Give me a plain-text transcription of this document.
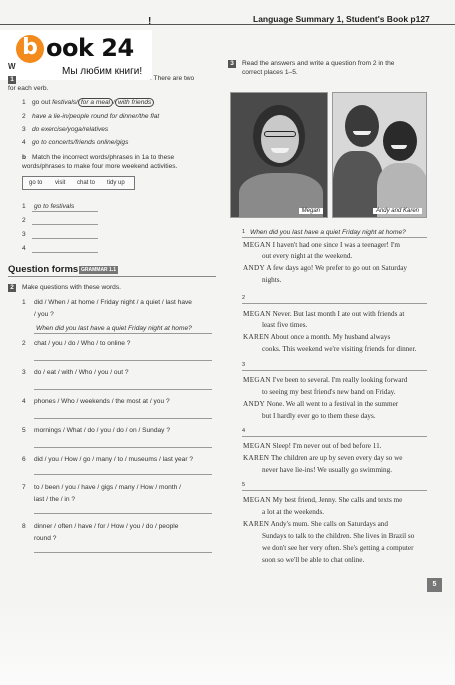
!	Language Summary 1, Student's Book p127
b ook 24
Мы любим книги!
W
1	. There are two
for each verb.
1 go out festivals/ for a meal / with friends
2 have a lie-in/people round for dinner/the flat
3 do exercise/yoga/relatives
4 go to concerts/friends online/gigs
b Match the incorrect words/phrases in 1a to these
words/phrases to make four more weekend activities.
go to visit chat to tidy up
1 go to festivals
2
3
4
Question forms GRAMMAR 1.1
2	Make questions with these words.
1 did / When / at home / Friday night / a quiet / last have
/ you ?
When did you last have a quiet Friday night at home?
2 chat / you / do / Who / to online ?
3 do / eat / with / Who / you / out ?
4 phones / Who / weekends / the most at / you ?
5 mornings / What / do / you / do / on / Sunday ?
6 did / you / How / go / many / to / museums / last year ?
7 to / been / you / have / gigs / many / How / month /
last / the / in ?
8 dinner / often / have / for / How / you / do / people
round ?
3	Read the answers and write a question from 2 in the
correct places 1–5.
Megan	Andy and Karen
1 When did you last have a quiet Friday night at home?
MEGAN I haven't had one since I was a teenager! I'm
out every night at the weekend.
ANDY A few days ago! We prefer to go out on Saturday
nights.
2
MEGAN Never. But last month I ate out with friends at
least five times.
KAREN About once a month. My husband always
cooks. This weekend we're visiting friends for dinner.
3
MEGAN I've been to several. I'm really looking forward
to seeing my best friend's new band on Friday.
ANDY None. We all went to a festival in the summer
but I hardly ever go to them these days.
4
MEGAN Sleep! I'm never out of bed before 11.
KAREN The children are up by seven every day so we
never have lie-ins! We usually go swimming.
5
MEGAN My best friend, Jenny. She calls and texts me
a lot at the weekends.
KAREN Andy's mum. She calls on Saturdays and
Sundays to talk to the children. She lives in Brazil so
we don't see her very often. She's getting a computer
soon so we'll be able to chat online.
5
